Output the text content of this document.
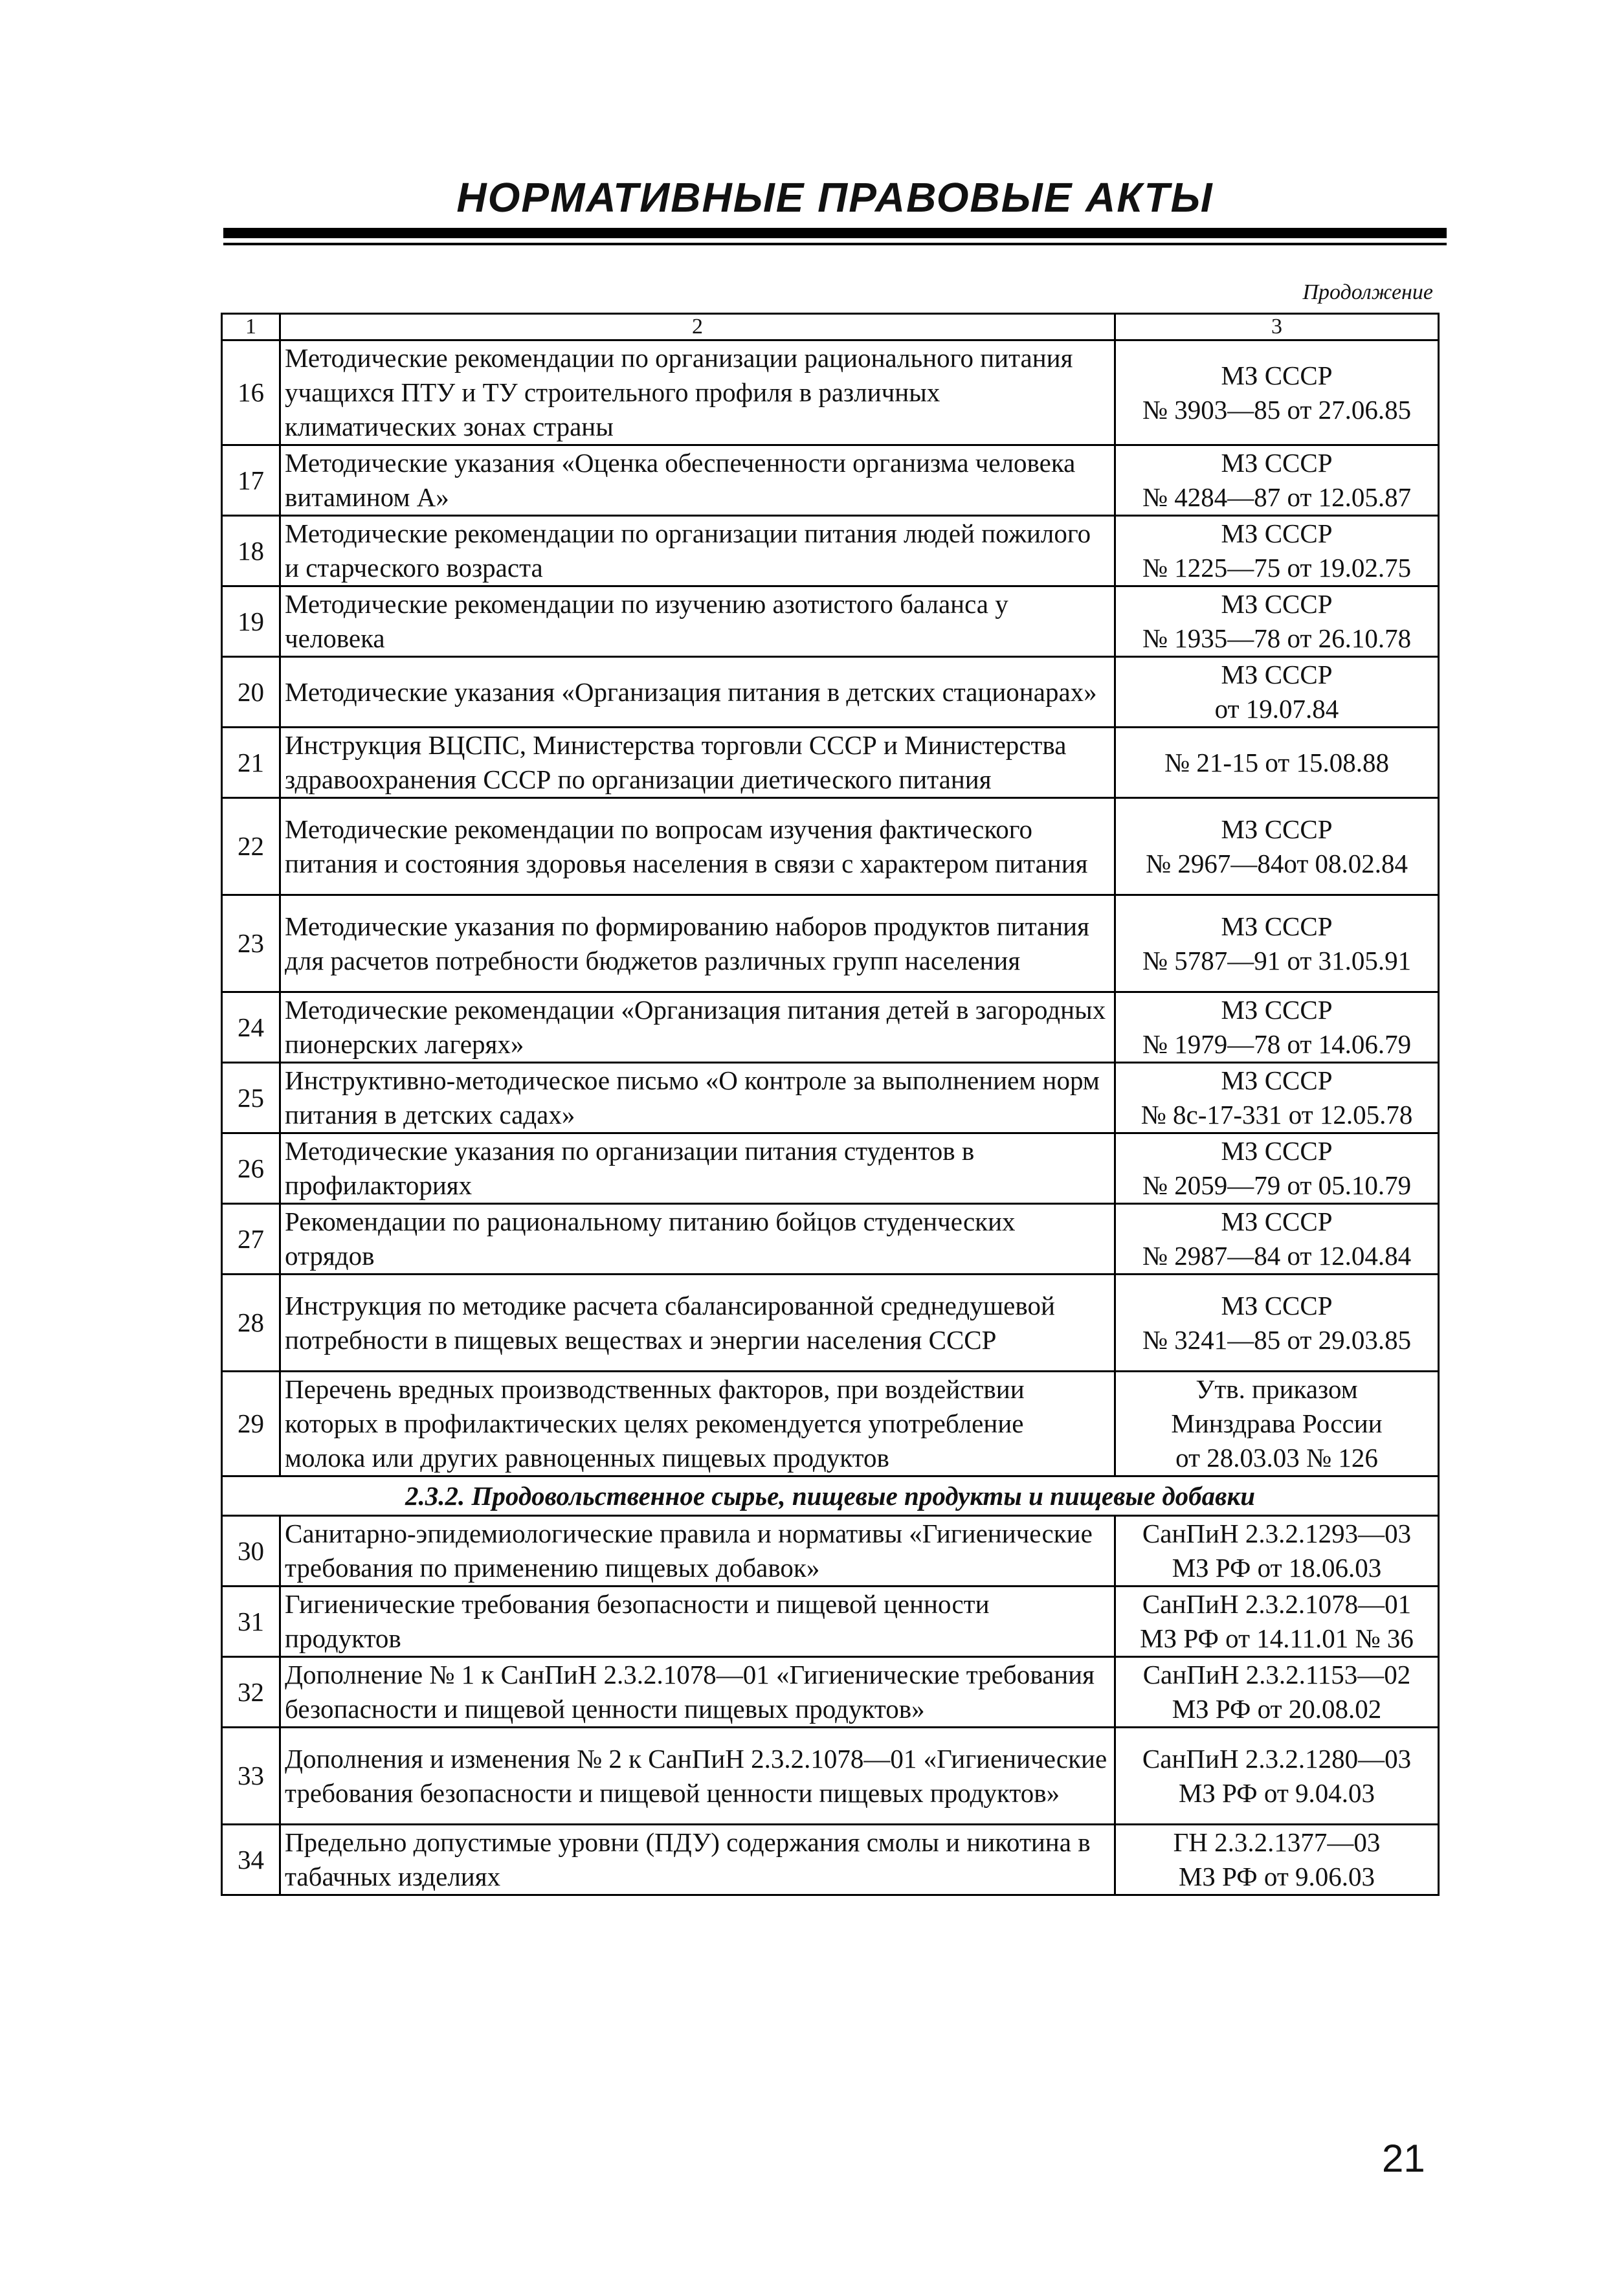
НОРМАТИВНЫЕ ПРАВОВЫЕ АКТЫ
Продолжение
1	2	3
16	Методические рекомендации по организации рационального питания учащихся ПТУ и ТУ строительного профиля в различных климатических зонах страны	МЗ СССР
№ 3903—85 от 27.06.85
17	Методические указания «Оценка обеспеченности организма человека витамином А»	МЗ СССР
№ 4284—87 от 12.05.87
18	Методические рекомендации по организации питания людей пожилого и старческого возраста	МЗ СССР
№ 1225—75 от 19.02.75
19	Методические рекомендации по изучению азотистого баланса у человека	МЗ СССР
№ 1935—78 от 26.10.78
20	Методические указания «Организация питания в детских стационарах»	МЗ СССР
от 19.07.84
21	Инструкция ВЦСПС, Министерства торговли СССР и Министерства здравоохранения СССР по организации диетического питания	№ 21-15 от 15.08.88
22	Методические рекомендации по вопросам изучения фактического питания и состояния здоровья населения в связи с характером питания	МЗ СССР
№ 2967—84от 08.02.84
23	Методические указания по формированию наборов продуктов питания для расчетов потребности бюджетов различных групп населения	МЗ СССР
№ 5787—91 от 31.05.91
24	Методические рекомендации «Организация питания детей в загородных пионерских лагерях»	МЗ СССР
№ 1979—78 от 14.06.79
25	Инструктивно-методическое письмо «О контроле за выполнением норм питания в детских садах»	МЗ СССР
№ 8с-17-331 от 12.05.78
26	Методические указания по организации питания студентов в профилакториях	МЗ СССР
№ 2059—79 от 05.10.79
27	Рекомендации по рациональному питанию бойцов студенческих отрядов	МЗ СССР
№ 2987—84 от 12.04.84
28	Инструкция по методике расчета сбалансированной среднедушевой потребности в пищевых веществах и энергии населения СССР	МЗ СССР
№ 3241—85 от 29.03.85
29	Перечень вредных производственных факторов, при воздействии которых в профилактических целях рекомендуется употребление молока или других равноценных пищевых продуктов	Утв. приказом
Минздрава России
от 28.03.03 № 126
2.3.2. Продовольственное сырье, пищевые продукты и пищевые добавки		
30	Санитарно-эпидемиологические правила и нормативы «Гигиенические требования по применению пищевых добавок»	СанПиН 2.3.2.1293—03
МЗ РФ от 18.06.03
31	Гигиенические требования безопасности и пищевой ценности продуктов	СанПиН 2.3.2.1078—01
МЗ РФ от 14.11.01 № 36
32	Дополнение № 1 к СанПиН 2.3.2.1078—01 «Гигиенические требования безопасности и пищевой ценности пищевых продуктов»	СанПиН 2.3.2.1153—02
МЗ РФ от 20.08.02
33	Дополнения и изменения № 2 к СанПиН 2.3.2.1078—01 «Гигиенические требования безопасности и пищевой ценности пищевых продуктов»	СанПиН 2.3.2.1280—03
МЗ РФ от 9.04.03
34	Предельно допустимые уровни (ПДУ) содержания смолы и никотина в табачных изделиях	ГН 2.3.2.1377—03
МЗ РФ от 9.06.03
21
